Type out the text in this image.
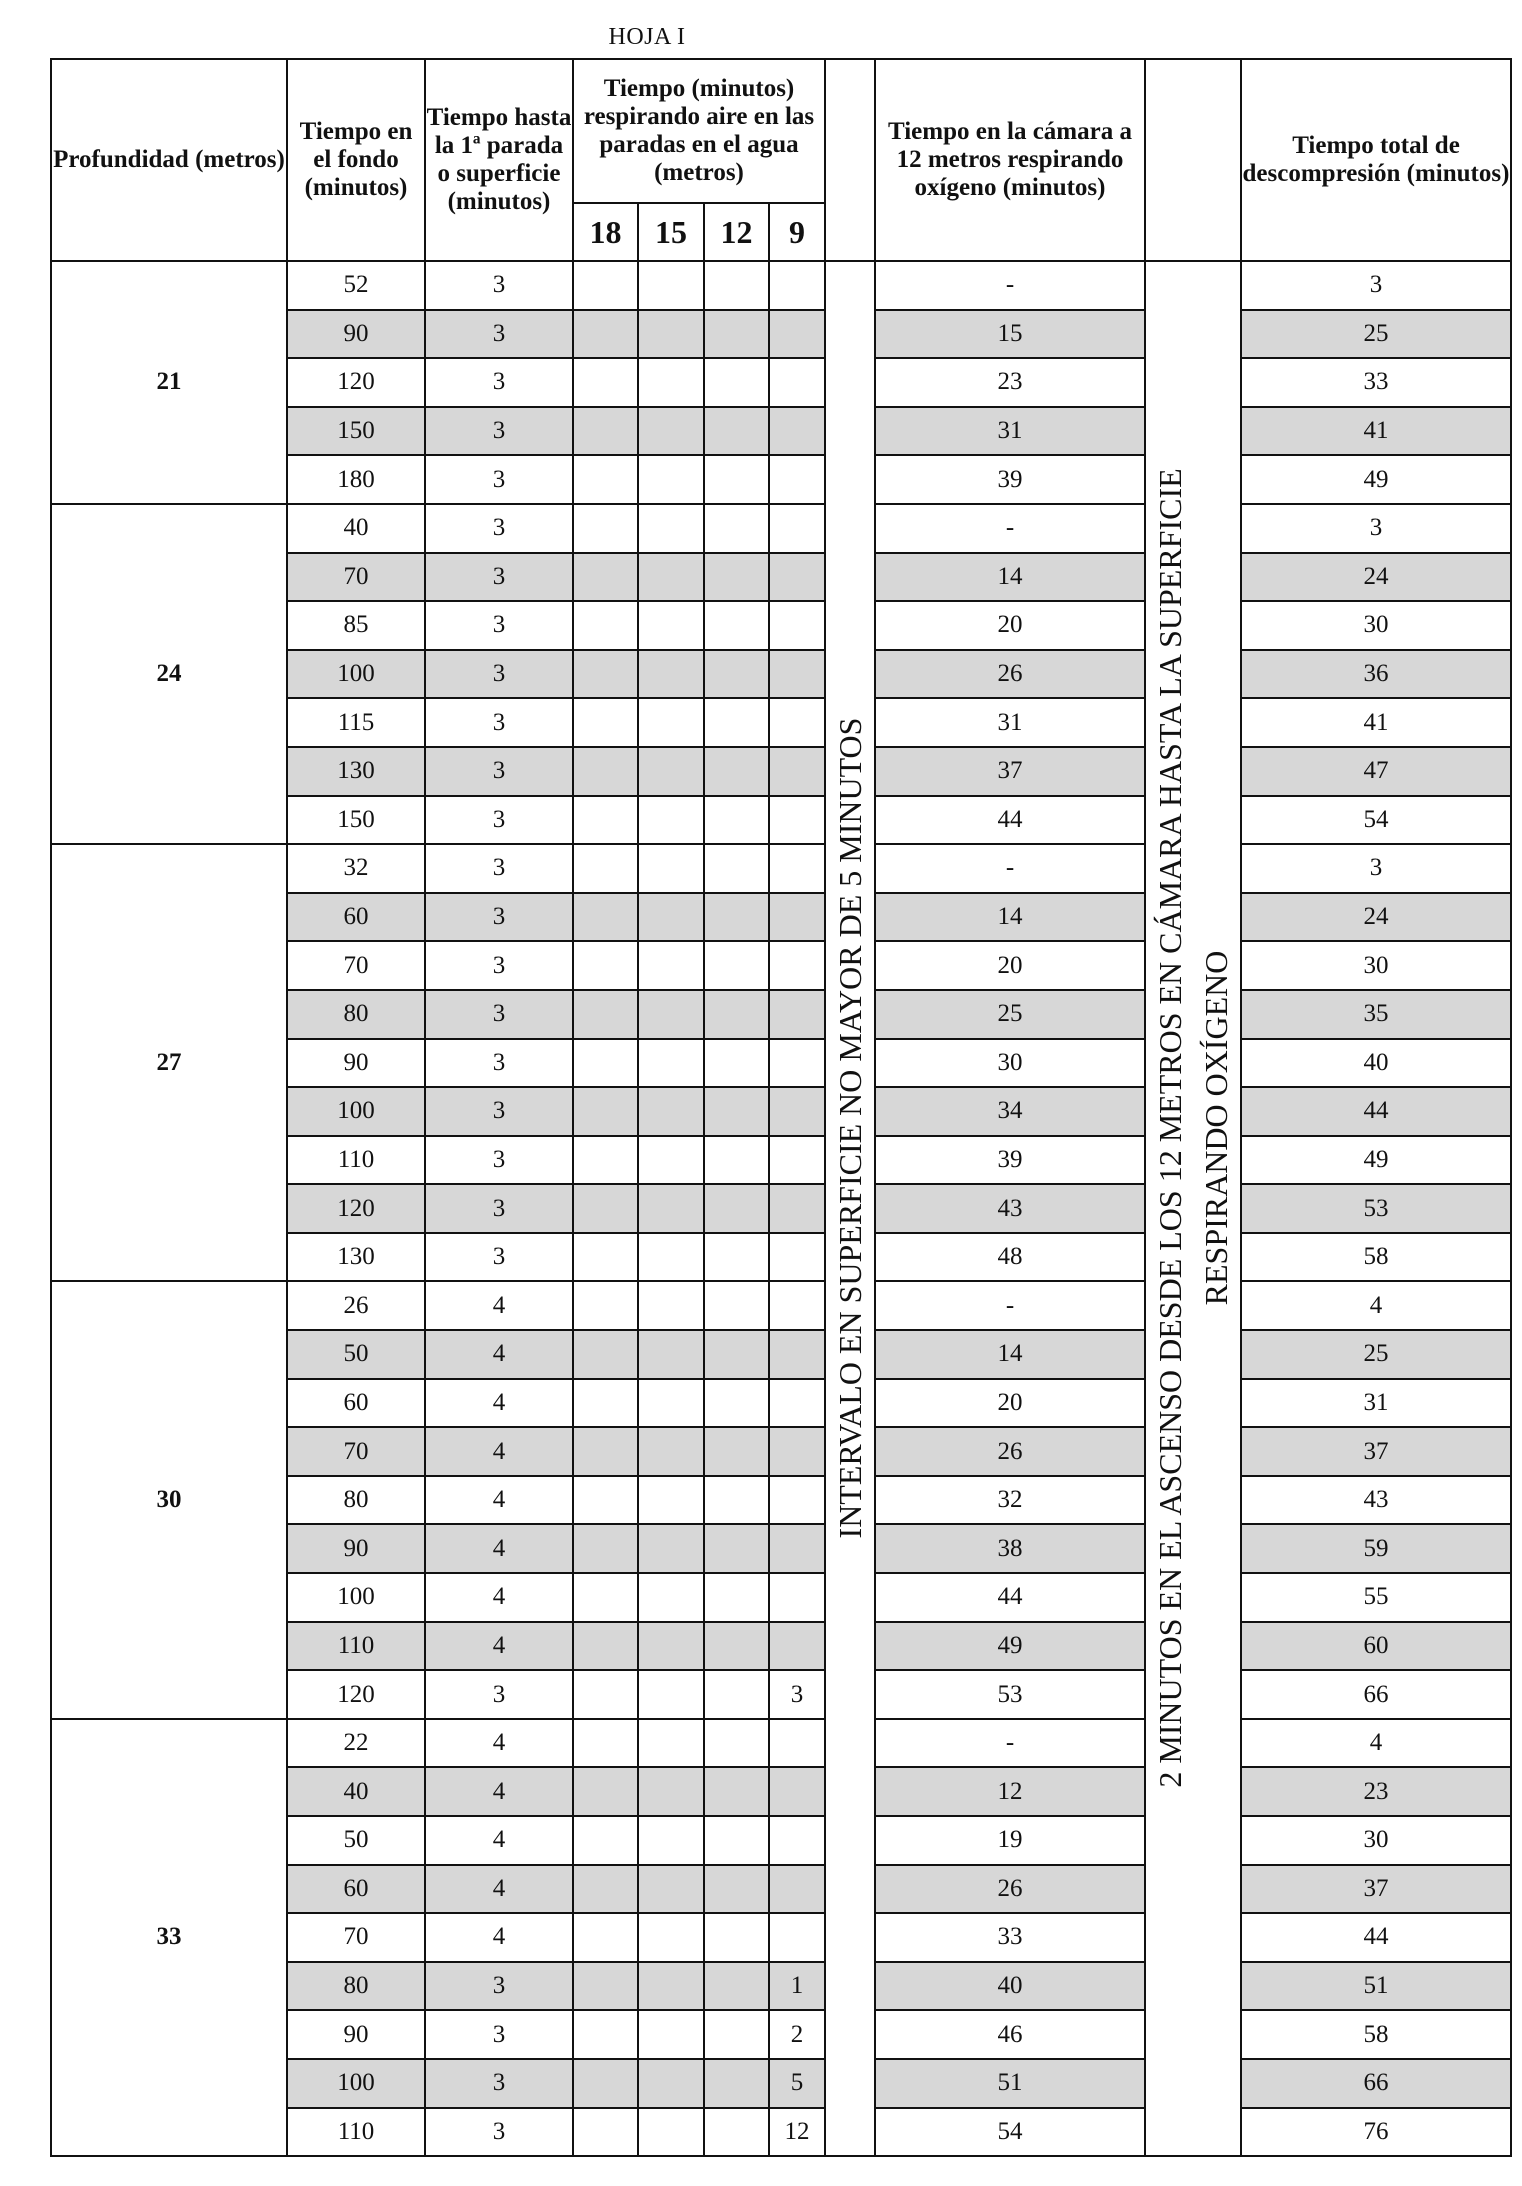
HOJA I
Profundidad (metros)	Tiempo en el fondo (minutos)	Tiempo hasta la 1ª parada o superficie (minutos)	Tiempo (minutos) respirando aire en las paradas en el agua (metros)					Tiempo en la cámara a 12 metros respirando oxígeno (minutos)		Tiempo total de descompresión (minutos)
			18	15	12	9				
21	52	3						-		3
	90	3						15		25
	120	3						23		33
	150	3						31		41
	180	3						39		49
24	40	3						-		3
	70	3						14		24
	85	3						20		30
	100	3						26		36
	115	3						31		41
	130	3						37		47
	150	3						44		54
27	32	3						-		3
	60	3						14		24
	70	3						20		30
	80	3						25		35
	90	3						30		40
	100	3						34		44
	110	3						39		49
	120	3						43		53
	130	3						48		58
30	26	4						-		4
	50	4						14		25
	60	4						20		31
	70	4						26		37
	80	4						32		43
	90	4						38		59
	100	4						44		55
	110	4						49		60
	120	3				3		53		66
33	22	4						-		4
	40	4						12		23
	50	4						19		30
	60	4						26		37
	70	4						33		44
	80	3				1		40		51
	90	3				2		46		58
	100	3				5		51		66
	110	3				12		54		76
INTERVALO EN SUPERFICIE NO MAYOR DE 5 MINUTOS	2 MINUTOS EN EL ASCENSO DESDE LOS 12 METROS EN CÁMARA HASTA LA SUPERFICIE RESPIRANDO OXÍGENO
